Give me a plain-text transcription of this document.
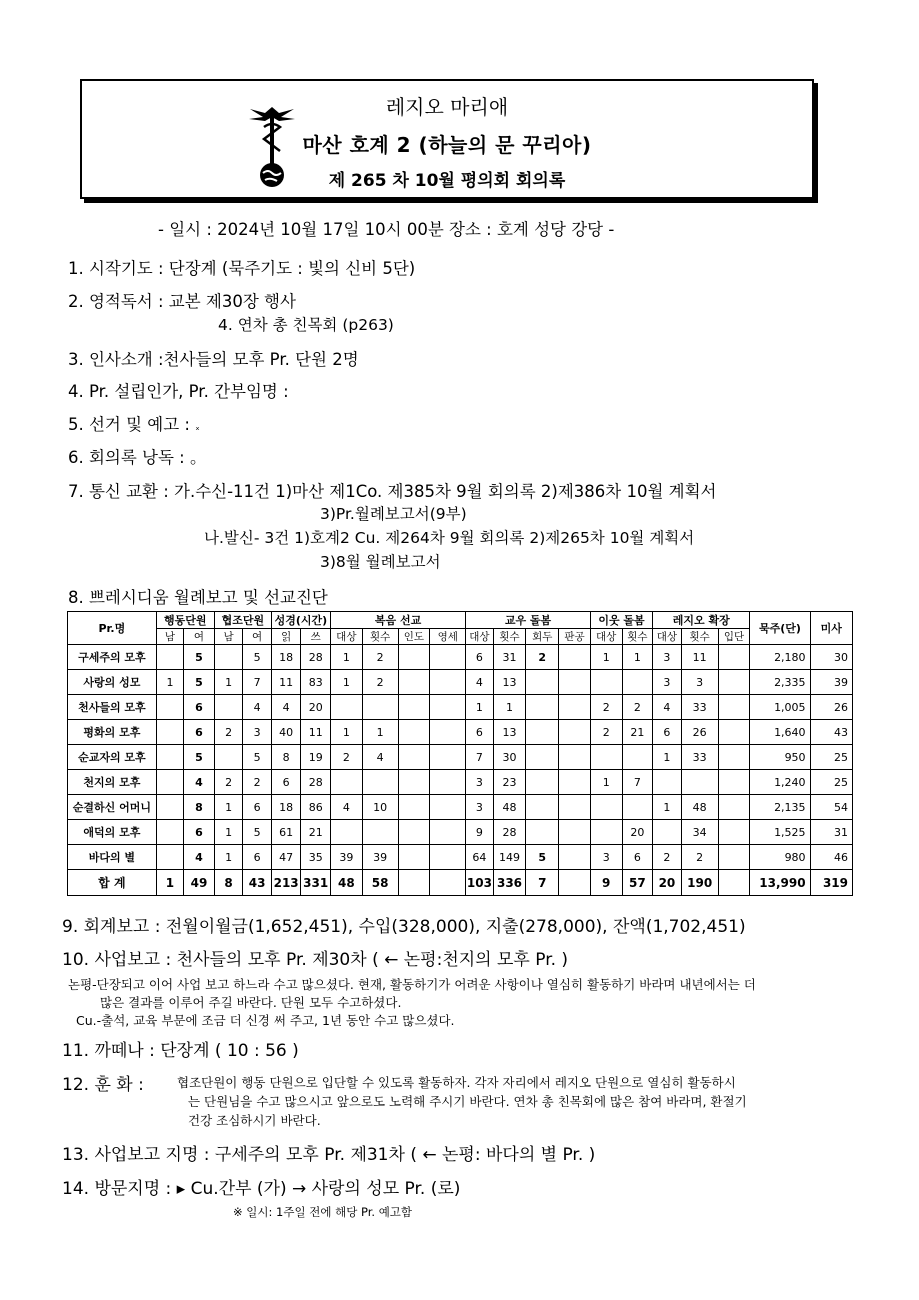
레지오 마리애
마산 호계 2 (하늘의 문 꾸리아)
제 265 차 10월 평의회 회의록
- 일시 : 2024년 10월 17일 10시 00분 장소 : 호계 성당 강당 -
1. 시작기도 : 단장계 (묵주기도 : 빛의 신비 5단)
2. 영적독서 : 교본 제30장 행사
4. 연차 총 친목회 (p263)
3. 인사소개 :천사들의 모후 Pr. 단원 2명
4. Pr. 설립인가, Pr. 간부임명 :
5. 선거 및 예고 : ₓ
6. 회의록 낭독 : 。
7. 통신 교환 : 가.수신-11건 1)마산 제1Co. 제385차 9월 회의록 2)제386차 10월 계획서
3)Pr.월례보고서(9부)
나.발신- 3건 1)호계2 Cu. 제264차 9월 회의록 2)제265차 10월 계획서
3)8월 월례보고서
8. 쁘레시디움 월례보고 및 선교진단
Pr.명	행동단원		협조단원		성경(시간)		복음 선교				교우 돌봄				이웃 돌봄		레지오 확장			묵주(단)	미사
	남	여	남	여	읽	쓰	대상	횟수	인도	영세	대상	횟수	회두	판공	대상	횟수	대상	횟수	입단		
구세주의 모후		5		5	18	28	1	2			6	31	2		1	1	3	11		2,180	30
사랑의 성모	1	5	1	7	11	83	1	2			4	13					3	3		2,335	39
천사들의 모후		6		4	4	20					1	1			2	2	4	33		1,005	26
평화의 모후		6	2	3	40	11	1	1			6	13			2	21	6	26		1,640	43
순교자의 모후		5		5	8	19	2	4			7	30					1	33		950	25
천지의 모후		4	2	2	6	28					3	23			1	7				1,240	25
순결하신 어머니		8	1	6	18	86	4	10			3	48					1	48		2,135	54
애덕의 모후		6	1	5	61	21					9	28				20		34		1,525	31
바다의 별		4	1	6	47	35	39	39			64	149	5		3	6	2	2		980	46
합 계	1	49	8	43	213	331	48	58			103	336	7		9	57	20	190		13,990	319
9. 회계보고 : 전월이월금(1,652,451), 수입(328,000), 지출(278,000), 잔액(1,702,451)
10. 사업보고 : 천사들의 모후 Pr. 제30차 ( ← 논평:천지의 모후 Pr. )
논평-단장되고 이어 사업 보고 하느라 수고 많으셨다. 현재, 활동하기가 어려운 사항이나 열심히 활동하기 바라며 내년에서는 더
많은 결과를 이루어 주길 바란다. 단원 모두 수고하셨다.
Cu.-출석, 교육 부문에 조금 더 신경 써 주고, 1년 동안 수고 많으셨다.
11. 까떼나 : 단장계 ( 10 : 56 )
12. 훈 화 :	협조단원이 행동 단원으로 입단할 수 있도록 활동하자. 각자 자리에서 레지오 단원으로 열심히 활동하시
는 단원님을 수고 많으시고 앞으로도 노력해 주시기 바란다. 연차 총 친목회에 많은 참여 바라며, 환절기
건강 조심하시기 바란다.
13. 사업보고 지명 : 구세주의 모후 Pr. 제31차 ( ← 논평: 바다의 별 Pr. )
14. 방문지명 : ▸ Cu.간부 (가) → 사랑의 성모 Pr. (로)
※ 일시: 1주일 전에 해당 Pr. 예고함
